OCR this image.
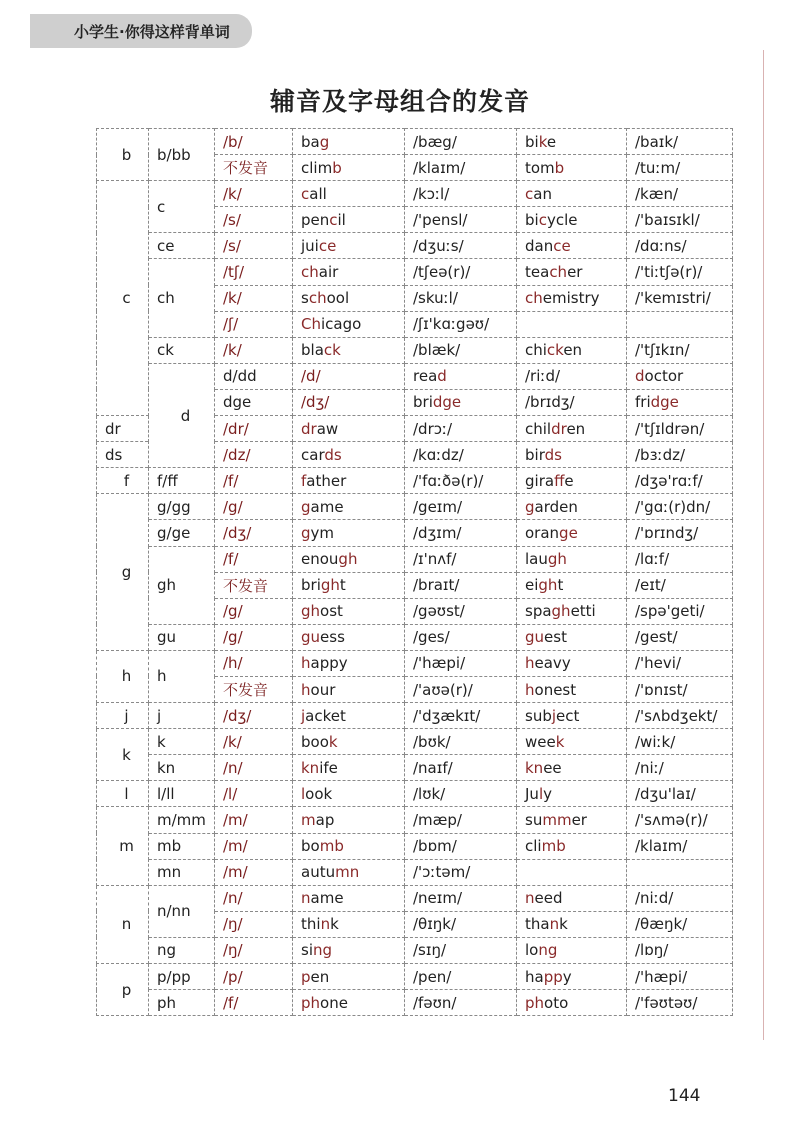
小学生·你得这样背单词
辅音及字母组合的发音
b	b/bb	/b/	bag	/bæg/	bike	/baɪk/	
		不发音	climb	/klaɪm/	tomb	/tuːm/	
c	c	/k/	call	/kɔːl/	can	/kæn/	
		/s/	pencil	/'pensl/	bicycle	/'baɪsɪkl/	
	ce	/s/	juice	/dʒuːs/	dance	/dɑːns/	
	ch	/tʃ/	chair	/tʃeə(r)/	teacher	/'tiːtʃə(r)/	
		/k/	school	/skuːl/	chemistry	/'kemɪstri/	
		/ʃ/	Chicago	/ʃɪ'kɑːgəʊ/			
	ck	/k/	black	/blæk/	chicken	/'tʃɪkɪn/	
	d	d/dd	/d/	read	/riːd/	doctor	
		dge	/dʒ/	bridge	/brɪdʒ/	fridge	
dr		/dr/	draw	/drɔː/	children	/'tʃɪldrən/	
ds		/dz/	cards	/kɑːdz/	birds	/bɜːdz/	
f	f/ff	/f/	father	/'fɑːðə(r)/	giraffe	/dʒə'rɑːf/	
g	g/gg	/g/	game	/geɪm/	garden	/'gɑː(r)dn/	
	g/ge	/dʒ/	gym	/dʒɪm/	orange	/'ɒrɪndʒ/	
	gh	/f/	enough	/ɪ'nʌf/	laugh	/lɑːf/	
		不发音	bright	/braɪt/	eight	/eɪt/	
		/g/	ghost	/gəʊst/	spaghetti	/spə'geti/	
	gu	/g/	guess	/ges/	guest	/gest/	
h	h	/h/	happy	/'hæpi/	heavy	/'hevi/	
		不发音	hour	/'aʊə(r)/	honest	/'ɒnɪst/	
j	j	/dʒ/	jacket	/'dʒækɪt/	subject	/'sʌbdʒekt/	
k	k	/k/	book	/bʊk/	week	/wiːk/	
	kn	/n/	knife	/naɪf/	knee	/niː/	
l	l/ll	/l/	look	/lʊk/	July	/dʒu'laɪ/	
m	m/mm	/m/	map	/mæp/	summer	/'sʌmə(r)/	
	mb	/m/	bomb	/bɒm/	climb	/klaɪm/	
	mn	/m/	autumn	/'ɔːtəm/			
n	n/nn	/n/	name	/neɪm/	need	/niːd/	
		/ŋ/	think	/θɪŋk/	thank	/θæŋk/	
	ng	/ŋ/	sing	/sɪŋ/	long	/lɒŋ/	
p	p/pp	/p/	pen	/pen/	happy	/'hæpi/	
	ph	/f/	phone	/fəʊn/	photo	/'fəʊtəʊ/	
144
